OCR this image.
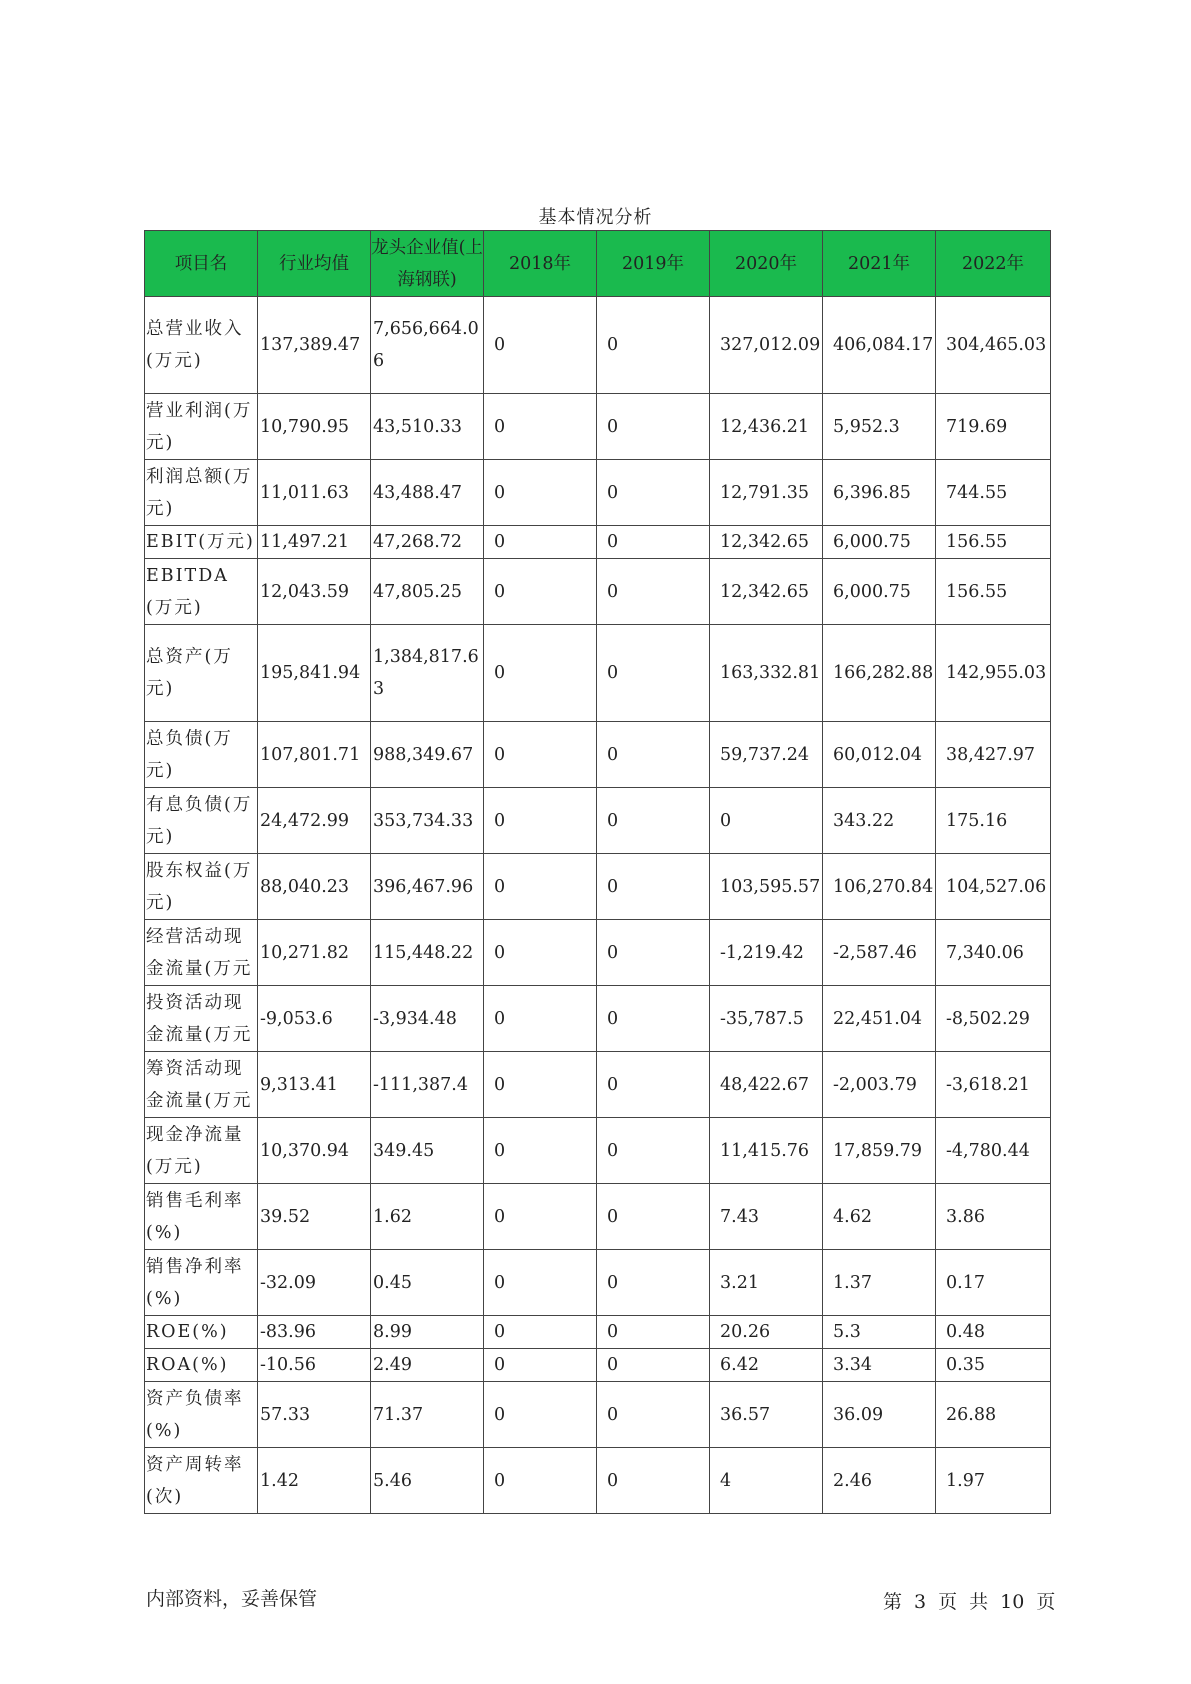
基本情况分析
项目名	行业均值	龙头企业值(上海钢联)	2018年	2019年	2020年	2021年	2022年
总营业收入(万元)	137,389.47	7,656,664.06	0	0	327,012.09	406,084.17	304,465.03
营业利润(万元)	10,790.95	43,510.33	0	0	12,436.21	5,952.3	719.69
利润总额(万元)	11,011.63	43,488.47	0	0	12,791.35	6,396.85	744.55
EBIT(万元)	11,497.21	47,268.72	0	0	12,342.65	6,000.75	156.55
EBITDA(万元)	12,043.59	47,805.25	0	0	12,342.65	6,000.75	156.55
总资产(万元)	195,841.94	1,384,817.63	0	0	163,332.81	166,282.88	142,955.03
总负债(万元)	107,801.71	988,349.67	0	0	59,737.24	60,012.04	38,427.97
有息负债(万元)	24,472.99	353,734.33	0	0	0	343.22	175.16
股东权益(万元)	88,040.23	396,467.96	0	0	103,595.57	106,270.84	104,527.06
经营活动现金流量(万元	10,271.82	115,448.22	0	0	-1,219.42	-2,587.46	7,340.06
投资活动现金流量(万元	-9,053.6	-3,934.48	0	0	-35,787.5	22,451.04	-8,502.29
筹资活动现金流量(万元	9,313.41	-111,387.4	0	0	48,422.67	-2,003.79	-3,618.21
现金净流量(万元)	10,370.94	349.45	0	0	11,415.76	17,859.79	-4,780.44
销售毛利率(%)	39.52	1.62	0	0	7.43	4.62	3.86
销售净利率(%)	-32.09	0.45	0	0	3.21	1.37	0.17
ROE(%)	-83.96	8.99	0	0	20.26	5.3	0.48
ROA(%)	-10.56	2.49	0	0	6.42	3.34	0.35
资产负债率(%)	57.33	71.37	0	0	36.57	36.09	26.88
资产周转率(次)	1.42	5.46	0	0	4	2.46	1.97
内部资料，妥善保管	第 3 页 共 10 页
